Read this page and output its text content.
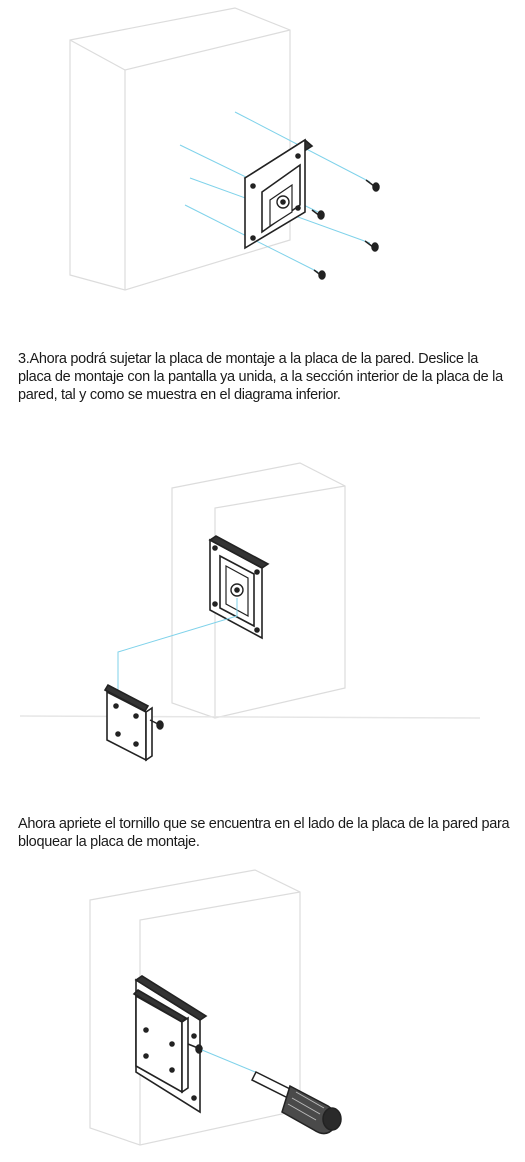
3.Ahora podrá sujetar la placa de montaje a la placa de la pared. Deslice la placa de montaje con la pantalla ya unida, a la sección interior de la placa de la pared, tal y como se muestra en el diagrama inferior.

Ahora apriete el tornillo que se encuentra en el lado de la placa de la pared para bloquear la placa de montaje.
